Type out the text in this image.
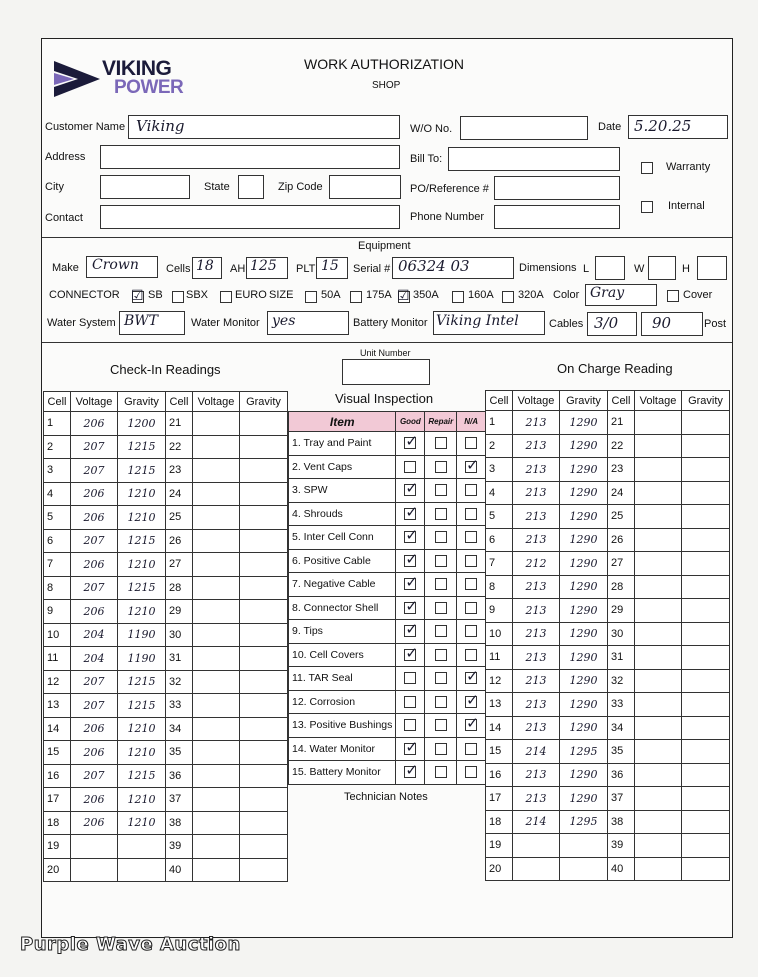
VIKING
POWER
WORK AUTHORIZATION
SHOP
Customer Name Viking	W/O No.	Date 5.20.25
Address	Bill To:
Warranty
City	State	Zip Code	PO/Reference #
Internal
Contact	Phone Number
Equipment
Make Crown Cells 18 AH 125 PLT 15 Serial # 06324 03	Dimensions L	W	H
CONNECTOR ☑ SB SBX EURO SIZE	50A 175A ☑ 350A	160A 320A Color Gray	Cover
Water System BWT	Water Monitor yes	Battery Monitor Viking Intel	Cables 3/0 90	Post
Unit Number
Check-In Readings	On Charge Reading
Visual Inspection
Cell	Voltage	Gravity	Cell	Voltage	Gravity
1	206	1200	21		
2	207	1215	22		
3	207	1215	23		
4	206	1210	24		
5	206	1210	25		
6	207	1215	26		
7	206	1210	27		
8	207	1215	28		
9	206	1210	29		
10	204	1190	30		
11	204	1190	31		
12	207	1215	32		
13	207	1215	33		
14	206	1210	34		
15	206	1210	35		
16	207	1215	36		
17	206	1210	37		
18	206	1210	38		
19			39		
20			40		
Item	Good	Repair	N/A
1. Tray and Paint	✓		

2. Vent Caps			✓

3. SPW	✓		

4. Shrouds	✓		

5. Inter Cell Conn	✓		

6. Positive Cable	✓		

7. Negative Cable	✓		

8. Connector Shell	✓		

9. Tips	✓		

10. Cell Covers	✓		

11. TAR Seal			✓

12. Corrosion			✓

13. Positive Bushings			✓

14. Water Monitor	✓		

15. Battery Monitor	✓		

Cell	Voltage	Gravity	Cell	Voltage	Gravity
1	213	1290	21		
2	213	1290	22		
3	213	1290	23		
4	213	1290	24		
5	213	1290	25		
6	213	1290	26		
7	212	1290	27		
8	213	1290	28		
9	213	1290	29		
10	213	1290	30		
11	213	1290	31		
12	213	1290	32		
13	213	1290	33		
14	213	1290	34		
15	214	1295	35		
16	213	1290	36		
17	213	1290	37		
18	214	1295	38		
19			39		
20			40		
Technician Notes
Purple Wave Auction
